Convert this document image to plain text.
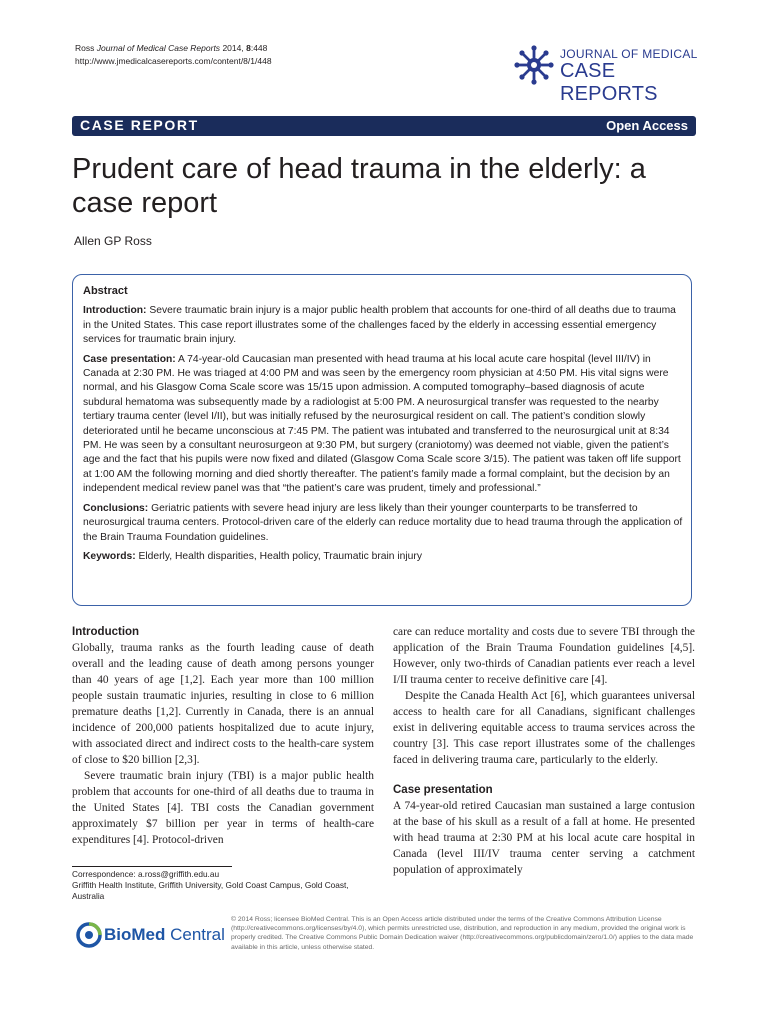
Ross Journal of Medical Case Reports 2014, 8:448
http://www.jmedicalcasereports.com/content/8/1/448	JOURNAL OF MEDICAL
CASE REPORTS
CASE REPORT	Open Access
Prudent care of head trauma in the elderly: a case report
Allen GP Ross

Abstract

Introduction: Severe traumatic brain injury is a major public health problem that accounts for one-third of all deaths due to trauma in the United States. This case report illustrates some of the challenges faced by the elderly in accessing essential emergency services for traumatic brain injury.

Case presentation: A 74-year-old Caucasian man presented with head trauma at his local acute care hospital (level III/IV) in Canada at 2:30 PM. He was triaged at 4:00 PM and was seen by the emergency room physician at 4:50 PM. His vital signs were normal, and his Glasgow Coma Scale score was 15/15 upon admission. A computed tomography–based diagnosis of acute subdural hematoma was subsequently made by a radiologist at 5:00 PM. A neurosurgical transfer was requested to the nearby tertiary trauma center (level I/II), but was initially refused by the neurosurgical resident on call. The patient’s condition slowly deteriorated until he became unconscious at 7:45 PM. The patient was intubated and transferred to the neurosurgical unit at 8:34 PM. He was seen by a consultant neurosurgeon at 9:30 PM, but surgery (craniotomy) was deemed not viable, given the patient’s age and the fact that his pupils were now fixed and dilated (Glasgow Coma Scale score 3/15). The patient was taken off life support at 1:00 AM the following morning and died shortly thereafter. The patient’s family made a formal complaint, but the decision by an independent medical review panel was that “the patient’s care was prudent, timely and professional.”

Conclusions: Geriatric patients with severe head injury are less likely than their younger counterparts to be transferred to neurosurgical trauma centers. Protocol-driven care of the elderly can reduce mortality due to head trauma through the application of the Brain Trauma Foundation guidelines.

Keywords: Elderly, Health disparities, Health policy, Traumatic brain injury

Introduction

Globally, trauma ranks as the fourth leading cause of death overall and the leading cause of death among persons younger than 40 years of age [1,2]. Each year more than 100 million people sustain traumatic injuries, resulting in close to 6 million premature deaths [1,2]. Currently in Canada, there is an annual incidence of 200,000 patients hospitalized due to acute injury, with associated direct and indirect costs to the health-care system of close to $20 billion [2,3].

Severe traumatic brain injury (TBI) is a major public health problem that accounts for one-third of all deaths due to trauma in the United States [4]. TBI costs the Canadian government approximately $7 billion per year in terms of health-care expenditures [4]. Protocol-driven

care can reduce mortality and costs due to severe TBI through the application of the Brain Trauma Foundation guidelines [4,5]. However, only two-thirds of Canadian patients ever reach a level I/II trauma center to receive definitive care [4].

Despite the Canada Health Act [6], which guarantees universal access to health care for all Canadians, significant challenges exist in delivering equitable access to trauma services across the country [3]. This case report illustrates some of the challenges faced in delivering trauma care, particularly to the elderly.

Case presentation

A 74-year-old retired Caucasian man sustained a large contusion at the base of his skull as a result of a fall at home. He presented with head trauma at 2:30 PM at his local acute care hospital in Canada (level III/IV trauma center serving a catchment population of approximately

Correspondence: a.ross@griffith.edu.au
Griffith Health Institute, Griffith University, Gold Coast Campus, Gold Coast, Australia
BioMed Central
© 2014 Ross; licensee BioMed Central. This is an Open Access article distributed under the terms of the Creative Commons Attribution License (http://creativecommons.org/licenses/by/4.0), which permits unrestricted use, distribution, and reproduction in any medium, provided the original work is properly credited. The Creative Commons Public Domain Dedication waiver (http://creativecommons.org/publicdomain/zero/1.0/) applies to the data made available in this article, unless otherwise stated.
